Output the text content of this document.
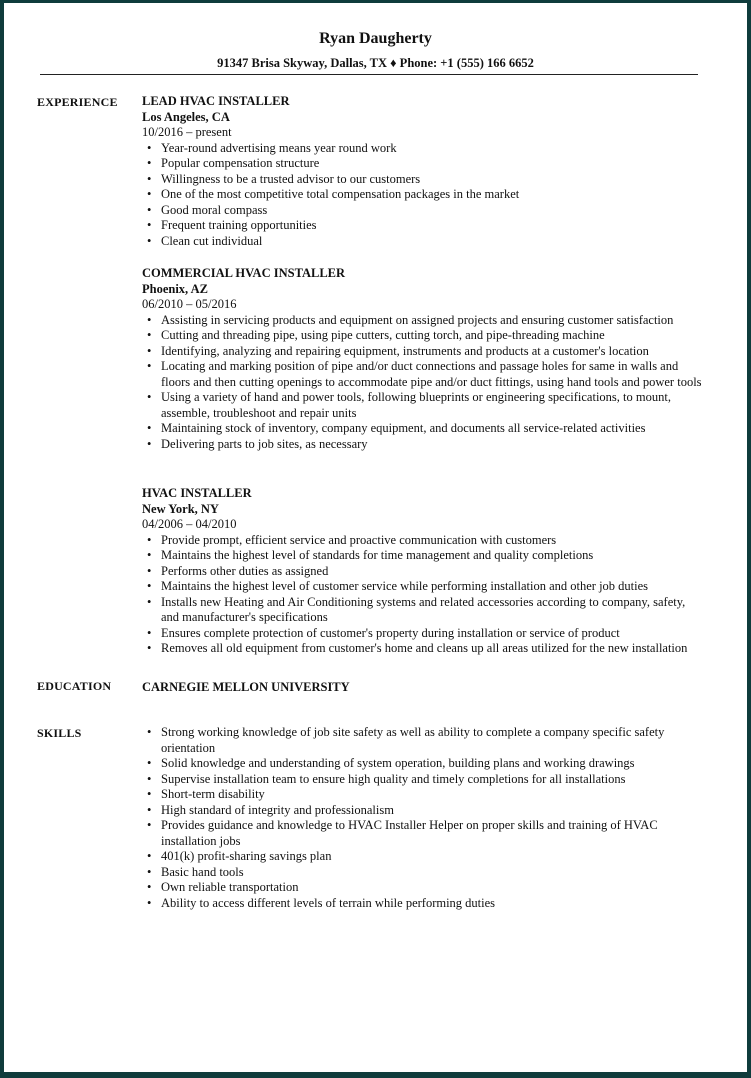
Ryan Daugherty
91347 Brisa Skyway, Dallas, TX ♦ Phone: +1 (555) 166 6652
EXPERIENCE LEAD HVAC INSTALLER
Los Angeles, CA
10/2016 – present
• Year-round advertising means year round work
• Popular compensation structure
• Willingness to be a trusted advisor to our customers
• One of the most competitive total compensation packages in the market
• Good moral compass
• Frequent training opportunities
• Clean cut individual
COMMERCIAL HVAC INSTALLER
Phoenix, AZ
06/2010 – 05/2016
• Assisting in servicing products and equipment on assigned projects and ensuring customer satisfaction
• Cutting and threading pipe, using pipe cutters, cutting torch, and pipe-threading machine
• Identifying, analyzing and repairing equipment, instruments and products at a customer's location
• Locating and marking position of pipe and/or duct connections and passage holes for same in walls and floors and then cutting openings to accommodate pipe and/or duct fittings, using hand tools and power tools
• Using a variety of hand and power tools, following blueprints or engineering specifications, to mount, assemble, troubleshoot and repair units
• Maintaining stock of inventory, company equipment, and documents all service-related activities
• Delivering parts to job sites, as necessary
HVAC INSTALLER
New York, NY
04/2006 – 04/2010
• Provide prompt, efficient service and proactive communication with customers
• Maintains the highest level of standards for time management and quality completions
• Performs other duties as assigned
• Maintains the highest level of customer service while performing installation and other job duties
• Installs new Heating and Air Conditioning systems and related accessories according to company, safety, and manufacturer's specifications
• Ensures complete protection of customer's property during installation or service of product
• Removes all old equipment from customer's home and cleans up all areas utilized for the new installation
EDUCATION CARNEGIE MELLON UNIVERSITY
SKILLS
•	Strong working knowledge of job site safety as well as ability to complete a company specific safety orientation
• Solid knowledge and understanding of system operation, building plans and working drawings
• Supervise installation team to ensure high quality and timely completions for all installations
• Short-term disability
• High standard of integrity and professionalism
• Provides guidance and knowledge to HVAC Installer Helper on proper skills and training of HVAC installation jobs
• 401(k) profit-sharing savings plan
• Basic hand tools
• Own reliable transportation
• Ability to access different levels of terrain while performing duties
